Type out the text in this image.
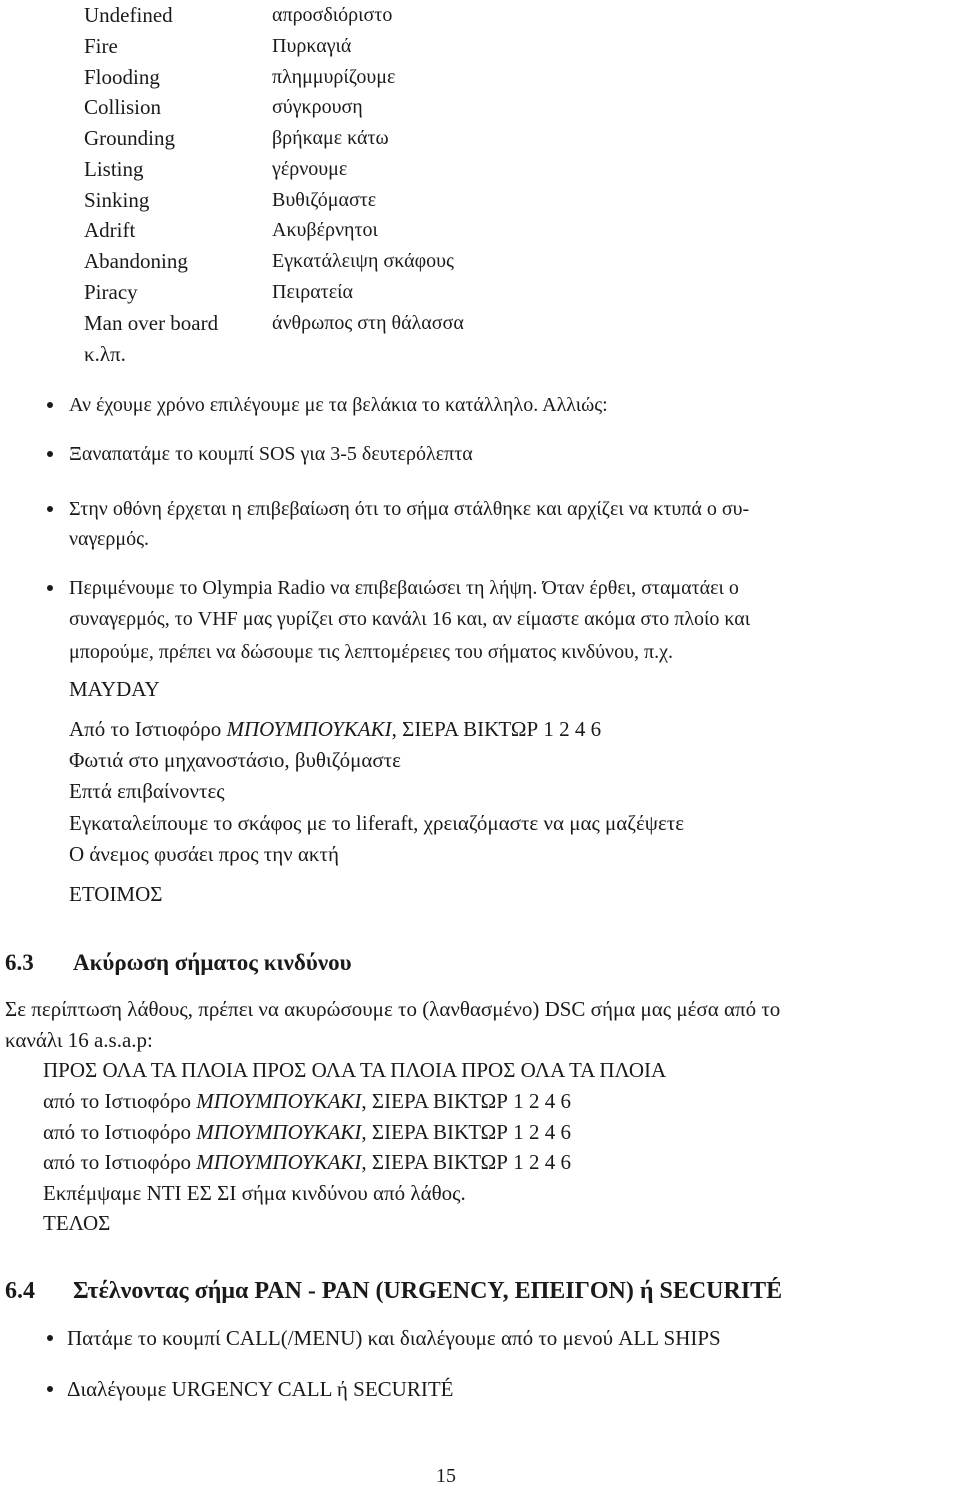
Undefined	απροσδιόριστο
Fire	Πυρκαγιά
Flooding	πλημμυρίζουμε
Collision	σύγκρουση
Grounding	βρήκαμε κάτω
Listing	γέρνουμε
Sinking	Βυθιζόμαστε
Adrift	Ακυβέρνητοι
Abandoning	Εγκατάλειψη σκάφους
Piracy	Πειρατεία
Man over board	άνθρωπος στη θάλασσα
κ.λπ.
Αν έχουμε χρόνο επιλέγουμε με τα βελάκια το κατάλληλο. Αλλιώς:
Ξαναπατάμε το κουμπί SOS για 3-5 δευτερόλεπτα
Στην οθόνη έρχεται η επιβεβαίωση ότι το σήμα στάλθηκε και αρχίζει να κτυπά ο συ-
ναγερμός.
Περιμένουμε το Olympia Radio να επιβεβαιώσει τη λήψη. Όταν έρθει, σταματάει ο
συναγερμός, το VHF μας γυρίζει στο κανάλι 16 και, αν είμαστε ακόμα στο πλοίο και
μπορούμε, πρέπει να δώσουμε τις λεπτομέρειες του σήματος κινδύνου, π.χ.
MAYDAY
Από το Ιστιοφόρο ΜΠΟΥΜΠΟΥΚΑΚΙ, ΣΙΕΡΑ ΒΙΚΤΩΡ 1 2 4 6
Φωτιά στο μηχανοστάσιο, βυθιζόμαστε
Επτά επιβαίνοντες
Εγκαταλείπουμε το σκάφος με το liferaft, χρειαζόμαστε να μας μαζέψετε
Ο άνεμος φυσάει προς την ακτή
ΕΤΟΙΜΟΣ
6.3 Ακύρωση σήματος κινδύνου
Σε περίπτωση λάθους, πρέπει να ακυρώσουμε το (λανθασμένο) DSC σήμα μας μέσα από το
κανάλι 16 a.s.a.p:
ΠΡΟΣ ΟΛΑ ΤΑ ΠΛΟΙΑ ΠΡΟΣ ΟΛΑ ΤΑ ΠΛΟΙΑ ΠΡΟΣ ΟΛΑ ΤΑ ΠΛΟΙΑ
από το Ιστιοφόρο ΜΠΟΥΜΠΟΥΚΑΚΙ, ΣΙΕΡΑ ΒΙΚΤΩΡ 1 2 4 6
από το Ιστιοφόρο ΜΠΟΥΜΠΟΥΚΑΚΙ, ΣΙΕΡΑ ΒΙΚΤΩΡ 1 2 4 6
από το Ιστιοφόρο ΜΠΟΥΜΠΟΥΚΑΚΙ, ΣΙΕΡΑ ΒΙΚΤΩΡ 1 2 4 6
Εκπέμψαμε ΝΤΙ ΕΣ ΣΙ σήμα κινδύνου από λάθος.
ΤΕΛΟΣ
6.4 Στέλνοντας σήμα PAN - PAN (URGENCY, ΕΠΕΙΓΟΝ) ή SECURITÉ
Πατάμε το κουμπί CALL(/MENU) και διαλέγουμε από το μενού ALL SHIPS
Διαλέγουμε URGENCY CALL ή SECURITÉ
15
